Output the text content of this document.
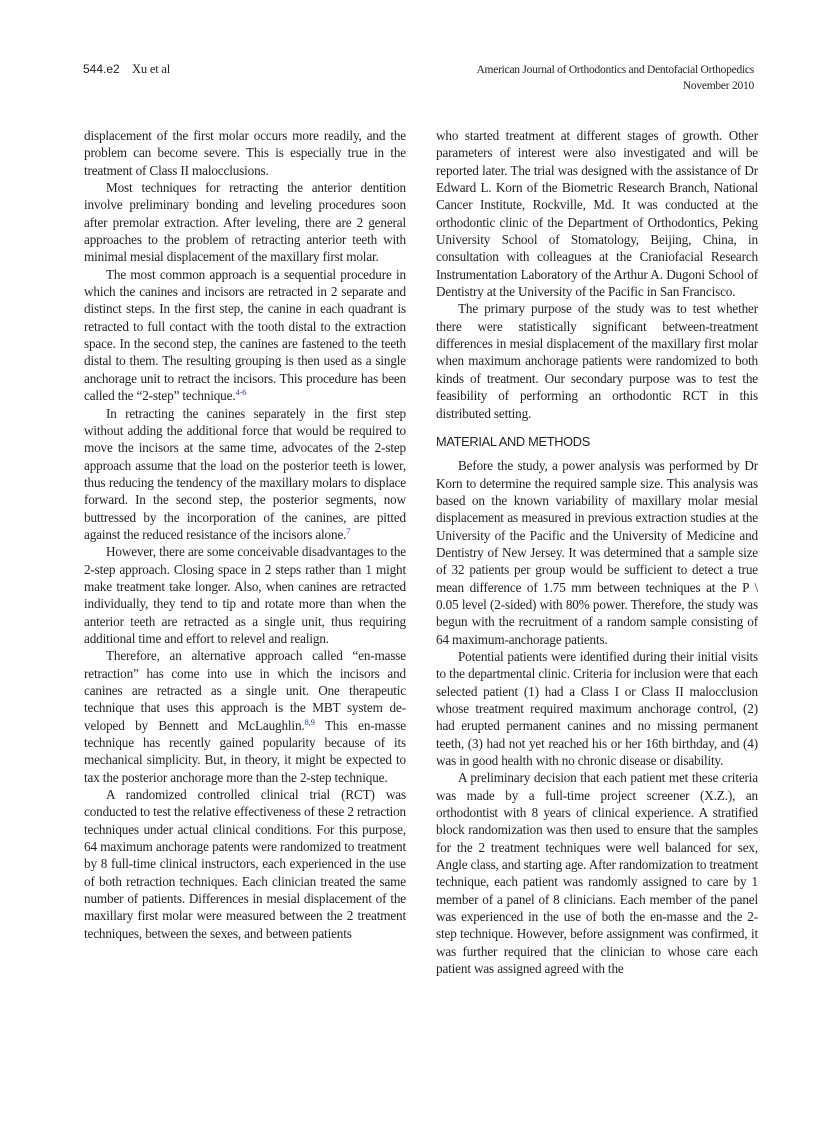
544.e2 Xu et al	American Journal of Orthodontics and Dentofacial Orthopedics
November 2010

displacement of the first molar occurs more readily, and the problem can become severe. This is especially true in the treatment of Class II malocclusions.

Most techniques for retracting the anterior dentition involve preliminary bonding and leveling procedures soon after premolar extraction. After leveling, there are 2 general approaches to the problem of retracting anterior teeth with minimal mesial displacement of the maxillary first molar.

The most common approach is a sequential procedure in which the canines and incisors are retracted in 2 separate and distinct steps. In the first step, the canine in each quadrant is retracted to full contact with the tooth distal to the extraction space. In the second step, the canines are fastened to the teeth distal to them. The resulting grouping is then used as a single anchorage unit to retract the incisors. This procedure has been called the “2-step” technique.$^{4-6}$

In retracting the canines separately in the first step without adding the additional force that would be required to move the incisors at the same time, advocates of the 2-step approach assume that the load on the posterior teeth is lower, thus reducing the tendency of the maxillary molars to displace forward. In the second step, the posterior segments, now buttressed by the incorporation of the canines, are pitted against the reduced resistance of the incisors alone.$^7$

However, there are some conceivable disadvantages to the 2-step approach. Closing space in 2 steps rather than 1 might make treatment take longer. Also, when canines are retracted individually, they tend to tip and rotate more than when the anterior teeth are retracted as a single unit, thus requiring additional time and effort to relevel and realign.

Therefore, an alternative approach called “en-masse retraction” has come into use in which the incisors and canines are retracted as a single unit. One therapeutic technique that uses this approach is the MBT system developed by Bennett and McLaughlin.$^{8,9}$ This en-masse technique has recently gained popularity because of its mechanical simplicity. But, in theory, it might be expected to tax the posterior anchorage more than the 2-step technique.

A randomized controlled clinical trial (RCT) was conducted to test the relative effectiveness of these 2 retraction techniques under actual clinical conditions. For this purpose, 64 maximum anchorage patents were randomized to treatment by 8 full-time clinical instructors, each experienced in the use of both retraction techniques. Each clinician treated the same number of patients. Differences in mesial displacement of the maxillary first molar were measured between the 2 treatment techniques, between the sexes, and between patients

who started treatment at different stages of growth. Other parameters of interest were also investigated and will be reported later. The trial was designed with the assistance of Dr Edward L. Korn of the Biometric Research Branch, National Cancer Institute, Rockville, Md. It was conducted at the orthodontic clinic of the Department of Orthodontics, Peking University School of Stomatology, Beijing, China, in consultation with colleagues at the Craniofacial Research Instrumentation Laboratory of the Arthur A. Dugoni School of Dentistry at the University of the Pacific in San Francisco.

The primary purpose of the study was to test whether there were statistically significant between-treatment differences in mesial displacement of the maxillary first molar when maximum anchorage patients were randomized to both kinds of treatment. Our secondary purpose was to test the feasibility of performing an orthodontic RCT in this distributed setting.

MATERIAL AND METHODS

Before the study, a power analysis was performed by Dr Korn to determine the required sample size. This analysis was based on the known variability of maxillary molar mesial displacement as measured in previous extraction studies at the University of the Pacific and the University of Medicine and Dentistry of New Jersey. It was determined that a sample size of 32 patients per group would be sufficient to detect a true mean difference of 1.75 mm between techniques at the P \ 0.05 level (2-sided) with 80% power. Therefore, the study was begun with the recruitment of a random sample consisting of 64 maximum-anchorage patients.

Potential patients were identified during their initial visits to the departmental clinic. Criteria for inclusion were that each selected patient (1) had a Class I or Class II malocclusion whose treatment required maximum anchorage control, (2) had erupted permanent canines and no missing permanent teeth, (3) had not yet reached his or her 16th birthday, and (4) was in good health with no chronic disease or disability.

A preliminary decision that each patient met these criteria was made by a full-time project screener (X.Z.), an orthodontist with 8 years of clinical experience. A stratified block randomization was then used to ensure that the samples for the 2 treatment techniques were well balanced for sex, Angle class, and starting age. After randomization to treatment technique, each patient was randomly assigned to care by 1 member of a panel of 8 clinicians. Each member of the panel was experienced in the use of both the en-masse and the 2-step technique. However, before assignment was confirmed, it was further required that the clinician to whose care each patient was assigned agreed with the
